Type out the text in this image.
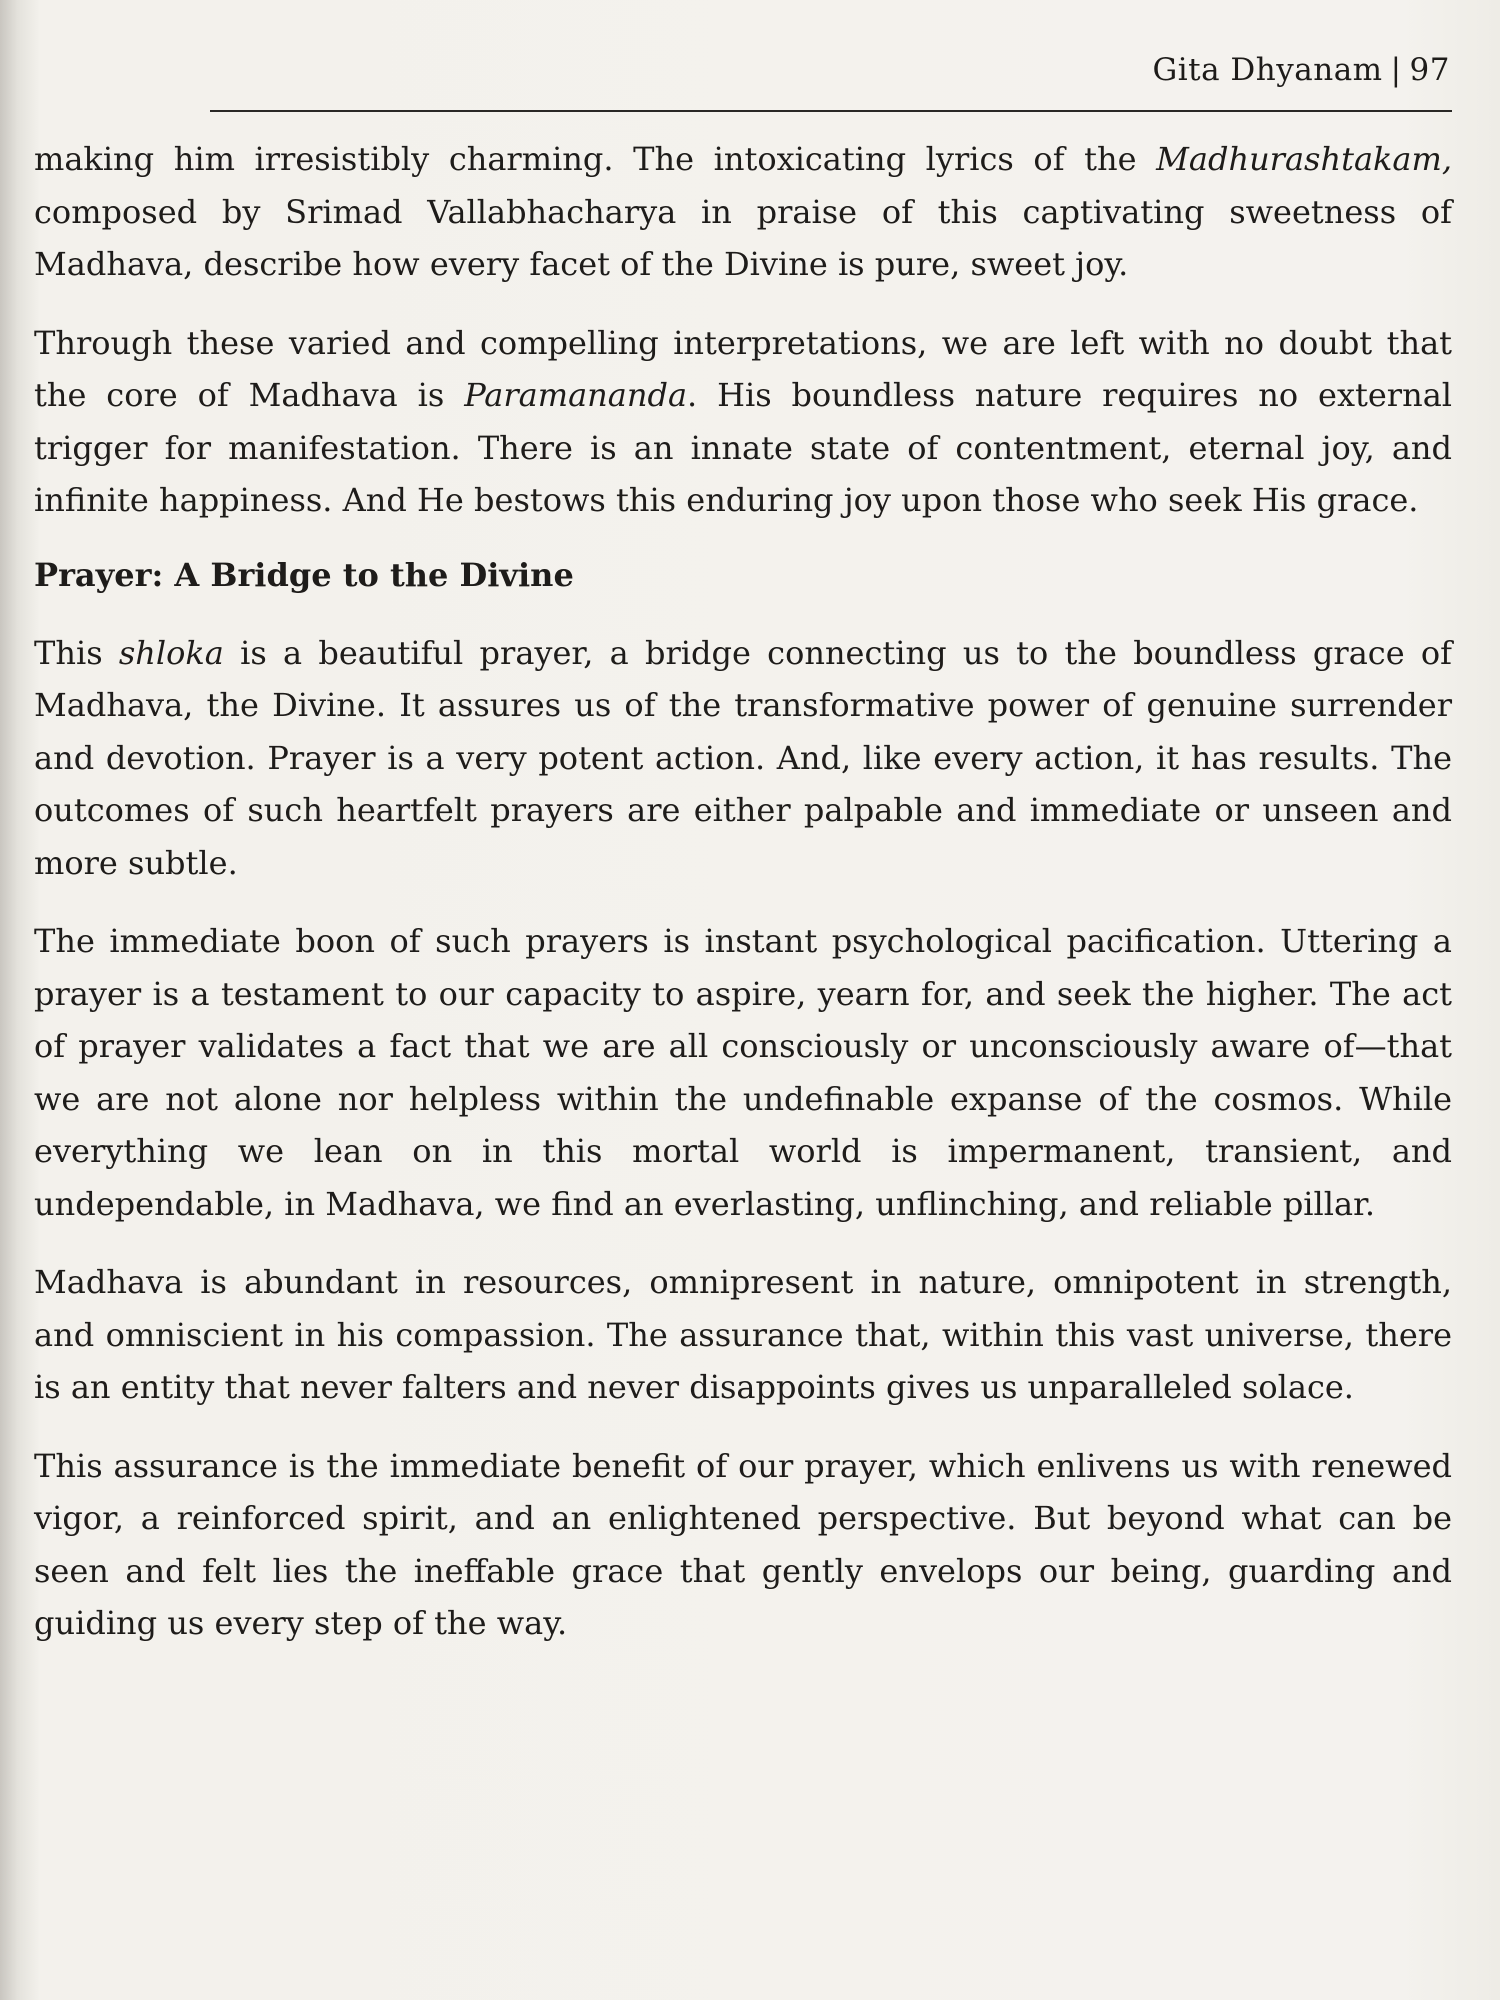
Gita Dhyanam | 97

making him irresistibly charming. The intoxicating lyrics of the Madhurashtakam, composed by Srimad Vallabhacharya in praise of this captivating sweetness of Madhava, describe how every facet of the Divine is pure, sweet joy.

Through these varied and compelling interpretations, we are left with no doubt that the core of Madhava is Paramananda. His boundless nature requires no external trigger for manifestation. There is an innate state of contentment, eternal joy, and infinite happiness. And He bestows this enduring joy upon those who seek His grace.

Prayer: A Bridge to the Divine

This shloka is a beautiful prayer, a bridge connecting us to the boundless grace of Madhava, the Divine. It assures us of the transformative power of genuine surrender and devotion. Prayer is a very potent action. And, like every action, it has results. The outcomes of such heartfelt prayers are either palpable and immediate or unseen and more subtle.

The immediate boon of such prayers is instant psychological pacification. Uttering a prayer is a testament to our capacity to aspire, yearn for, and seek the higher. The act of prayer validates a fact that we are all consciously or unconsciously aware of—that we are not alone nor helpless within the undefinable expanse of the cosmos. While everything we lean on in this mortal world is impermanent, transient, and undependable, in Madhava, we find an everlasting, unflinching, and reliable pillar.

Madhava is abundant in resources, omnipresent in nature, omnipotent in strength, and omniscient in his compassion. The assurance that, within this vast universe, there is an entity that never falters and never disappoints gives us unparalleled solace.

This assurance is the immediate benefit of our prayer, which enlivens us with renewed vigor, a reinforced spirit, and an enlightened perspective. But beyond what can be seen and felt lies the ineffable grace that gently envelops our being, guarding and guiding us every step of the way.
